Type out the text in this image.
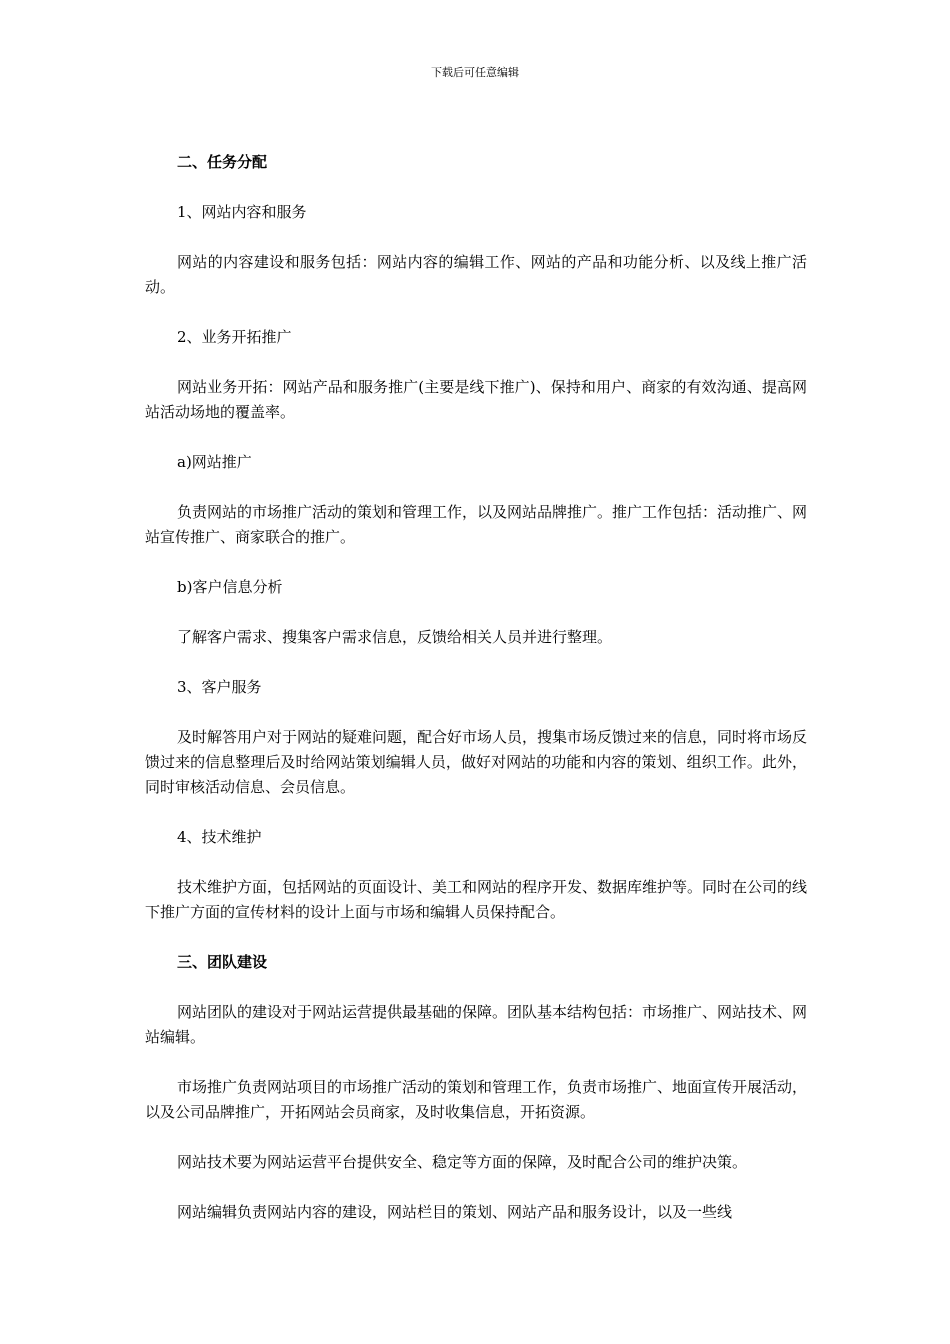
下载后可任意编辑

二、任务分配

1、网站内容和服务

网站的内容建设和服务包括：网站内容的编辑工作、网站的产品和功能分析、以及线上推广活动。

2、业务开拓推广

网站业务开拓：网站产品和服务推广(主要是线下推广)、保持和用户、商家的有效沟通、提高网站活动场地的覆盖率。

a)网站推广

负责网站的市场推广活动的策划和管理工作，以及网站品牌推广。推广工作包括：活动推广、网站宣传推广、商家联合的推广。

b)客户信息分析

了解客户需求、搜集客户需求信息，反馈给相关人员并进行整理。

3、客户服务

及时解答用户对于网站的疑难问题，配合好市场人员，搜集市场反馈过来的信息，同时将市场反馈过来的信息整理后及时给网站策划编辑人员，做好对网站的功能和内容的策划、组织工作。此外，同时审核活动信息、会员信息。

4、技术维护

技术维护方面，包括网站的页面设计、美工和网站的程序开发、数据库维护等。同时在公司的线下推广方面的宣传材料的设计上面与市场和编辑人员保持配合。

三、团队建设

网站团队的建设对于网站运营提供最基础的保障。团队基本结构包括：市场推广、网站技术、网站编辑。

市场推广负责网站项目的市场推广活动的策划和管理工作，负责市场推广、地面宣传开展活动，以及公司品牌推广，开拓网站会员商家，及时收集信息，开拓资源。

网站技术要为网站运营平台提供安全、稳定等方面的保障，及时配合公司的维护决策。

网站编辑负责网站内容的建设，网站栏目的策划、网站产品和服务设计，以及一些线
